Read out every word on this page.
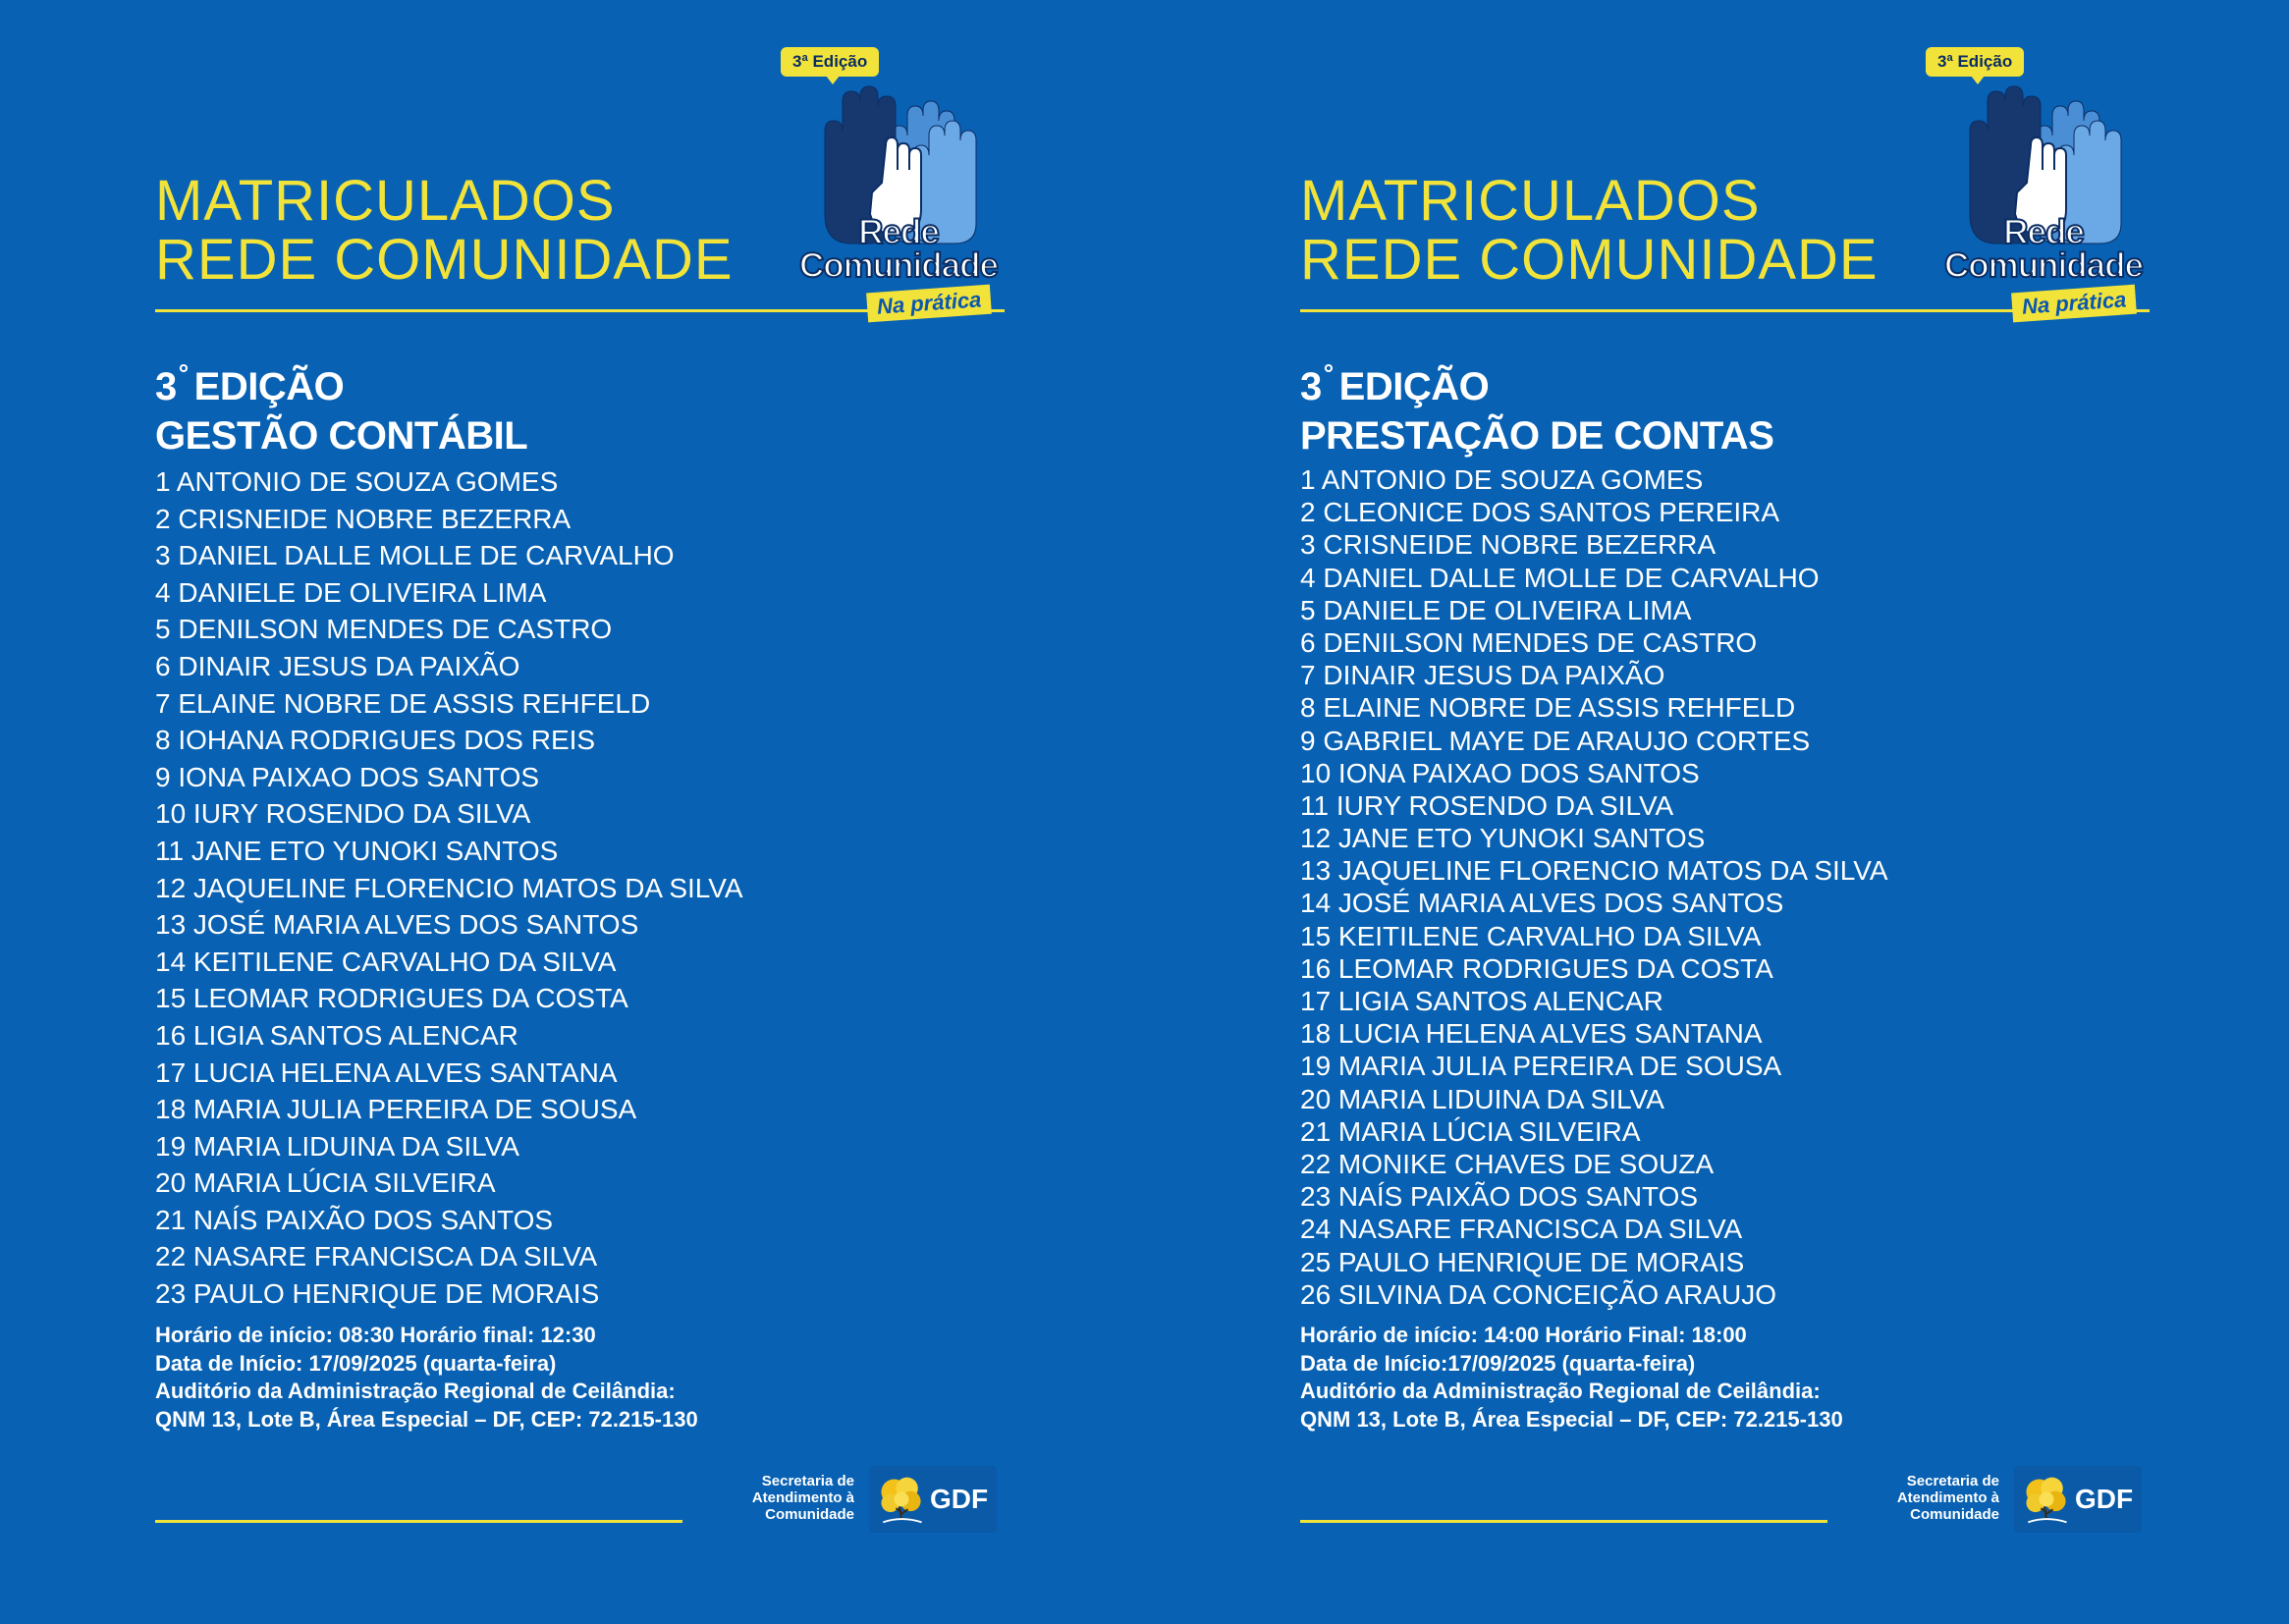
MATRICULADOS
REDE COMUNIDADE
3ª Edição
Rede
Comunidade
Na prática
3° EDIÇÃO
GESTÃO CONTÁBIL
1 ANTONIO DE SOUZA GOMES
2 CRISNEIDE NOBRE BEZERRA
3 DANIEL DALLE MOLLE DE CARVALHO
4 DANIELE DE OLIVEIRA LIMA
5 DENILSON MENDES DE CASTRO
6 DINAIR JESUS DA PAIXÃO
7 ELAINE NOBRE DE ASSIS REHFELD
8 IOHANA RODRIGUES DOS REIS
9 IONA PAIXAO DOS SANTOS
10 IURY ROSENDO DA SILVA
11 JANE ETO YUNOKI SANTOS
12 JAQUELINE FLORENCIO MATOS DA SILVA
13 JOSÉ MARIA ALVES DOS SANTOS
14 KEITILENE CARVALHO DA SILVA
15 LEOMAR RODRIGUES DA COSTA
16 LIGIA SANTOS ALENCAR
17 LUCIA HELENA ALVES SANTANA
18 MARIA JULIA PEREIRA DE SOUSA
19 MARIA LIDUINA DA SILVA
20 MARIA LÚCIA SILVEIRA
21 NAÍS PAIXÃO DOS SANTOS
22 NASARE FRANCISCA DA SILVA
23 PAULO HENRIQUE DE MORAIS
Horário de início: 08:30 Horário final: 12:30
Data de Início: 17/09/2025 (quarta-feira)
Auditório da Administração Regional de Ceilândia:
QNM 13, Lote B, Área Especial – DF, CEP: 72.215-130
Secretaria de
Atendimento à
Comunidade
GDF
MATRICULADOS
REDE COMUNIDADE
3ª Edição
Rede
Comunidade
Na prática
3° EDIÇÃO
PRESTAÇÃO DE CONTAS
1 ANTONIO DE SOUZA GOMES
2 CLEONICE DOS SANTOS PEREIRA
3 CRISNEIDE NOBRE BEZERRA
4 DANIEL DALLE MOLLE DE CARVALHO
5 DANIELE DE OLIVEIRA LIMA
6 DENILSON MENDES DE CASTRO
7 DINAIR JESUS DA PAIXÃO
8 ELAINE NOBRE DE ASSIS REHFELD
9 GABRIEL MAYE DE ARAUJO CORTES
10 IONA PAIXAO DOS SANTOS
11 IURY ROSENDO DA SILVA
12 JANE ETO YUNOKI SANTOS
13 JAQUELINE FLORENCIO MATOS DA SILVA
14 JOSÉ MARIA ALVES DOS SANTOS
15 KEITILENE CARVALHO DA SILVA
16 LEOMAR RODRIGUES DA COSTA
17 LIGIA SANTOS ALENCAR
18 LUCIA HELENA ALVES SANTANA
19 MARIA JULIA PEREIRA DE SOUSA
20 MARIA LIDUINA DA SILVA
21 MARIA LÚCIA SILVEIRA
22 MONIKE CHAVES DE SOUZA
23 NAÍS PAIXÃO DOS SANTOS
24 NASARE FRANCISCA DA SILVA
25 PAULO HENRIQUE DE MORAIS
26 SILVINA DA CONCEIÇÃO ARAUJO
Horário de início: 14:00 Horário Final: 18:00
Data de Início:17/09/2025 (quarta-feira)
Auditório da Administração Regional de Ceilândia:
QNM 13, Lote B, Área Especial – DF, CEP: 72.215-130
Secretaria de
Atendimento à
Comunidade
GDF
